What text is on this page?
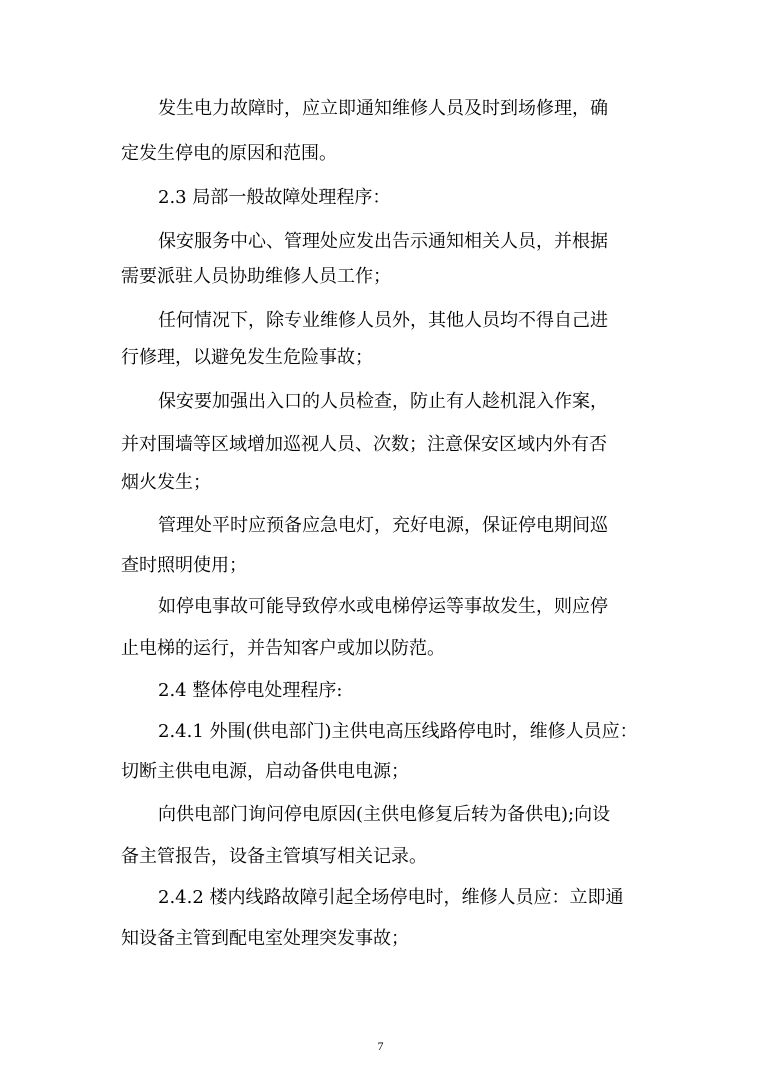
发生电力故障时，应立即通知维修人员及时到场修理，确
定发生停电的原因和范围。
2.3 局部一般故障处理程序：
保安服务中心、管理处应发出告示通知相关人员，并根据
需要派驻人员协助维修人员工作；
任何情况下，除专业维修人员外，其他人员均不得自己进
行修理，以避免发生危险事故；
保安要加强出入口的人员检查，防止有人趁机混入作案，
并对围墙等区域增加巡视人员、次数；注意保安区域内外有否
烟火发生；
管理处平时应预备应急电灯，充好电源，保证停电期间巡
查时照明使用；
如停电事故可能导致停水或电梯停运等事故发生，则应停
止电梯的运行，并告知客户或加以防范。
2.4 整体停电处理程序:
2.4.1 外围(供电部门)主供电高压线路停电时，维修人员应：
切断主供电电源，启动备供电电源；
向供电部门询问停电原因(主供电修复后转为备供电);向设
备主管报告，设备主管填写相关记录。
2.4.2 楼内线路故障引起全场停电时，维修人员应：立即通
知设备主管到配电室处理突发事故；
7
